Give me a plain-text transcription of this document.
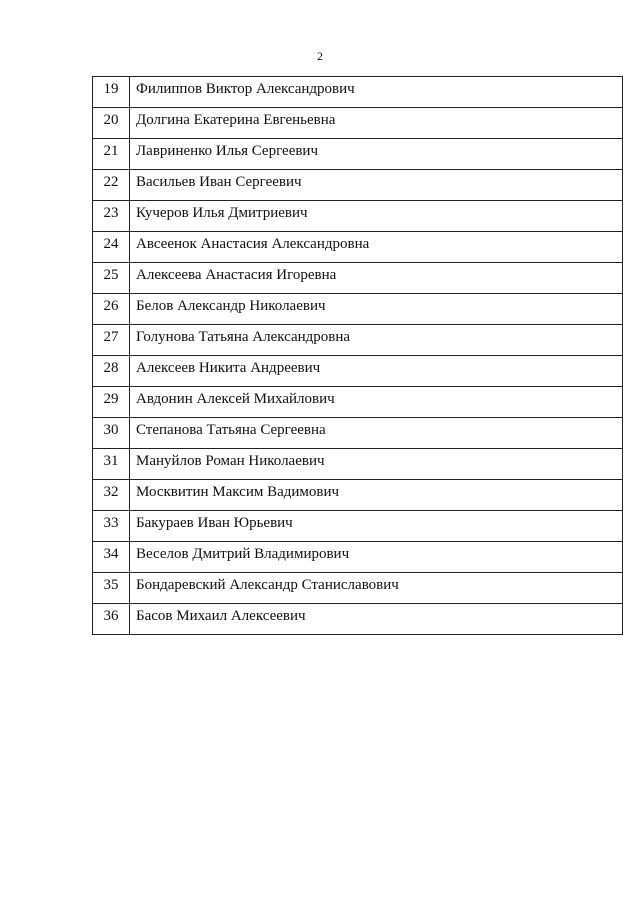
2
19	Филиппов Виктор Александрович
20	Долгина Екатерина Евгеньевна
21	Лавриненко Илья Сергеевич
22	Васильев Иван Сергеевич
23	Кучеров Илья Дмитриевич
24	Авсеенок Анастасия Александровна
25	Алексеева Анастасия Игоревна
26	Белов Александр Николаевич
27	Голунова Татьяна Александровна
28	Алексеев Никита Андреевич
29	Авдонин Алексей Михайлович
30	Степанова Татьяна Сергеевна
31	Мануйлов Роман Николаевич
32	Москвитин Максим Вадимович
33	Бакураев Иван Юрьевич
34	Веселов Дмитрий Владимирович
35	Бондаревский Александр Станиславович
36	Басов Михаил Алексеевич
